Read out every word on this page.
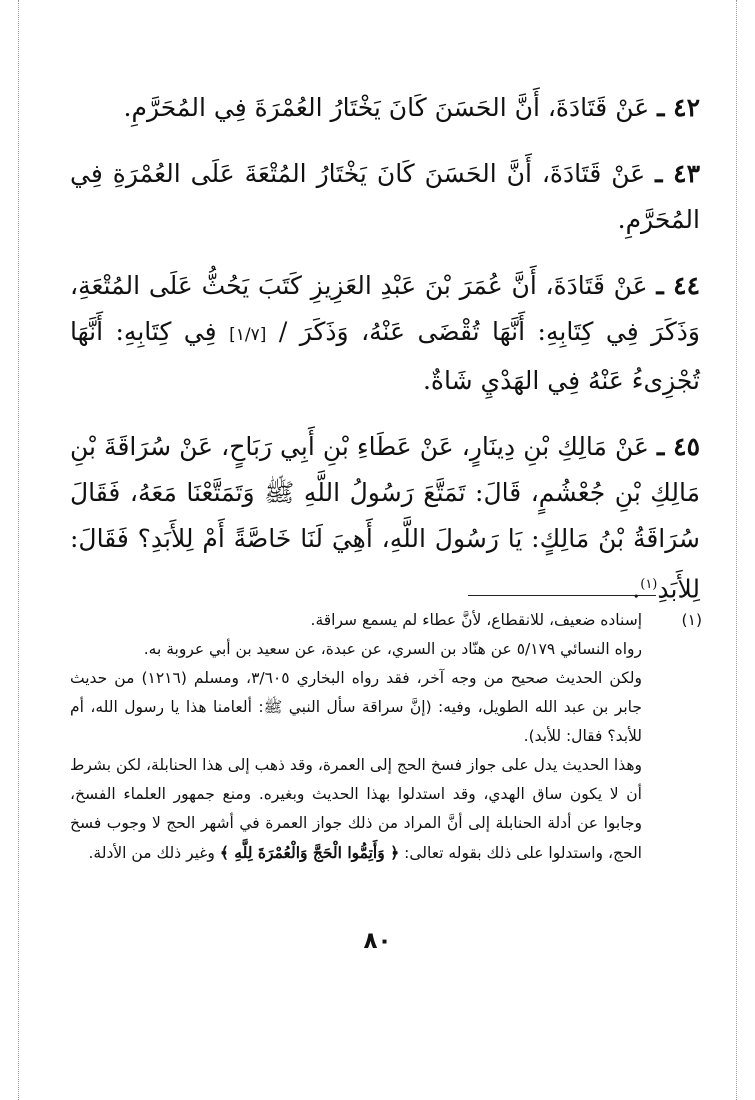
٤٢ ـ عَنْ قَتَادَةَ، أَنَّ الحَسَنَ كَانَ يَخْتَارُ العُمْرَةَ فِي المُحَرَّمِ.

٤٣ ـ عَنْ قَتَادَةَ، أَنَّ الحَسَنَ كَانَ يَخْتَارُ المُتْعَةَ عَلَى العُمْرَةِ فِي المُحَرَّمِ.

٤٤ ـ عَنْ قَتَادَةَ، أَنَّ عُمَرَ بْنَ عَبْدِ العَزِيزِ كَتَبَ يَحُثُّ عَلَى المُتْعَةِ، وَذَكَرَ فِي كِتَابِهِ: أَنَّهَا تُقْضَى عَنْهُ، وَذَكَرَ / [١/٧] فِي كِتَابِهِ: أَنَّهَا تُجْزِىءُ عَنْهُ فِي الهَدْيِ شَاةٌ.

٤٥ ـ عَنْ مَالِكِ بْنِ دِينَارٍ، عَنْ عَطَاءِ بْنِ أَبِي رَبَاحٍ، عَنْ سُرَاقَةَ بْنِ مَالِكِ بْنِ جُعْشُمٍ، قَالَ: تَمَتَّعَ رَسُولُ اللَّهِ ﷺ وَتَمَتَّعْنَا مَعَهُ، فَقَالَ سُرَاقَةُ بْنُ مَالِكٍ: يَا رَسُولَ اللَّهِ، أَهِيَ لَنَا خَاصَّةً أَمْ لِلأَبَدِ؟ فَقَالَ: لِلأَبَدِ$^{(١)}$.

(١)
إسناده ضعيف، للانقطاع، لأنَّ عطاء لم يسمع سراقة.
رواه النسائي ٥/١٧٩ عن هنّاد بن السري، عن عبدة، عن سعيد بن أبي عروبة به.
ولكن الحديث صحيح من وجه آخر، فقد رواه البخاري ٣/٦٠٥، ومسلم (١٢١٦) من حديث جابر بن عبد الله الطويل، وفيه: (إنَّ سراقة سأل النبي ﷺ: ألعامنا هذا يا رسول الله، أم للأبد؟ فقال: للأبد).
وهذا الحديث يدل على جواز فسخ الحج إلى العمرة، وقد ذهب إلى هذا الحنابلة، لكن بشرط أن لا يكون ساق الهدي، وقد استدلوا بهذا الحديث وبغيره. ومنع جمهور العلماء الفسخ، وجابوا عن أدلة الحنابلة إلى أنَّ المراد من ذلك جواز العمرة في أشهر الحج لا وجوب فسخ الحج، واستدلوا على ذلك بقوله تعالى: ﴿ وَأَتِمُّوا الْحَجَّ وَالْعُمْرَةَ لِلَّهِ ﴾ وغير ذلك من الأدلة.
٨٠
